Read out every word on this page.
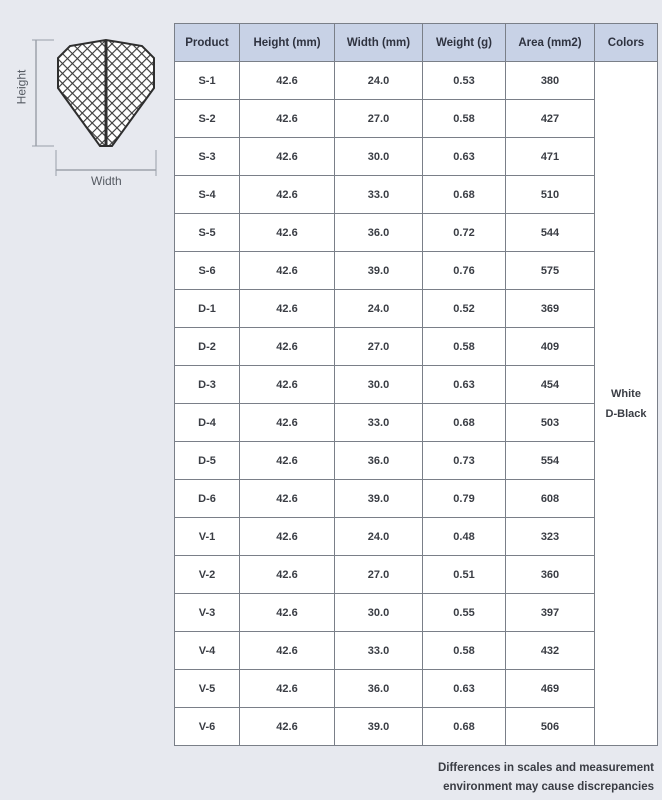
Height
Width
Product	Height (mm)	Width (mm)	Weight (g)	Area (mm2)	Colors
S-1	42.6	24.0	0.53	380	White
D-Black

S-2	42.6	27.0	0.58	427	
S-3	42.6	30.0	0.63	471	
S-4	42.6	33.0	0.68	510	
S-5	42.6	36.0	0.72	544	
S-6	42.6	39.0	0.76	575	
D-1	42.6	24.0	0.52	369	
D-2	42.6	27.0	0.58	409	
D-3	42.6	30.0	0.63	454	
D-4	42.6	33.0	0.68	503	
D-5	42.6	36.0	0.73	554	
D-6	42.6	39.0	0.79	608	
V-1	42.6	24.0	0.48	323	
V-2	42.6	27.0	0.51	360	
V-3	42.6	30.0	0.55	397	
V-4	42.6	33.0	0.58	432	
V-5	42.6	36.0	0.63	469	
V-6	42.6	39.0	0.68	506	
Differences in scales and measurement
environment may cause discrepancies
